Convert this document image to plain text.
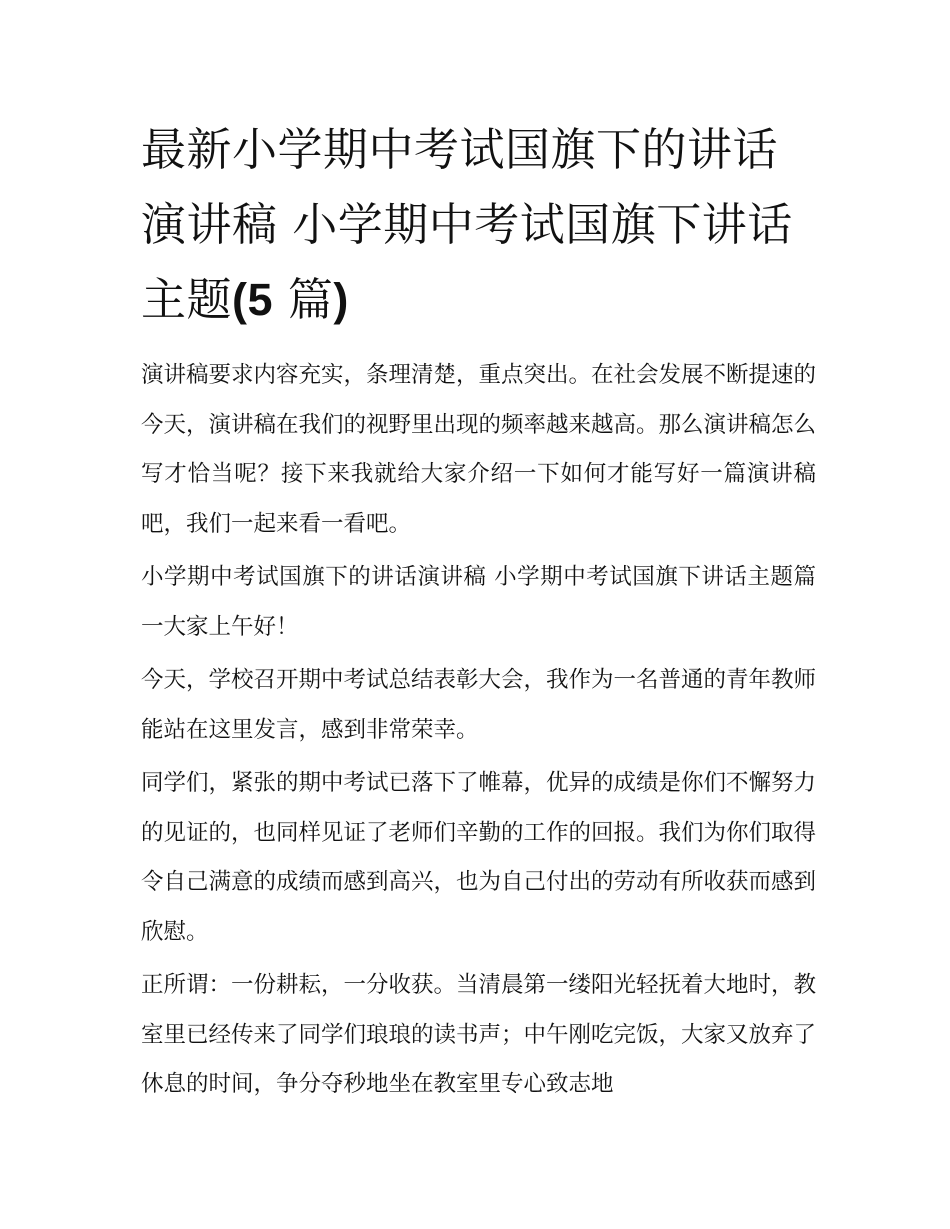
最新小学期中考试国旗下的讲话演讲稿 小学期中考试国旗下讲话主题(5 篇)

演讲稿要求内容充实，条理清楚，重点突出。在社会发展不断提速的今天，演讲稿在我们的视野里出现的频率越来越高。那么演讲稿怎么写才恰当呢？接下来我就给大家介绍一下如何才能写好一篇演讲稿吧，我们一起来看一看吧。

小学期中考试国旗下的讲话演讲稿 小学期中考试国旗下讲话主题篇一大家上午好！

今天，学校召开期中考试总结表彰大会，我作为一名普通的青年教师能站在这里发言，感到非常荣幸。

同学们，紧张的期中考试已落下了帷幕，优异的成绩是你们不懈努力的见证的，也同样见证了老师们辛勤的工作的回报。我们为你们取得令自己满意的成绩而感到高兴，也为自己付出的劳动有所收获而感到欣慰。

正所谓：一份耕耘，一分收获。当清晨第一缕阳光轻抚着大地时，教室里已经传来了同学们琅琅的读书声；中午刚吃完饭，大家又放弃了休息的时间，争分夺秒地坐在教室里专心致志地
